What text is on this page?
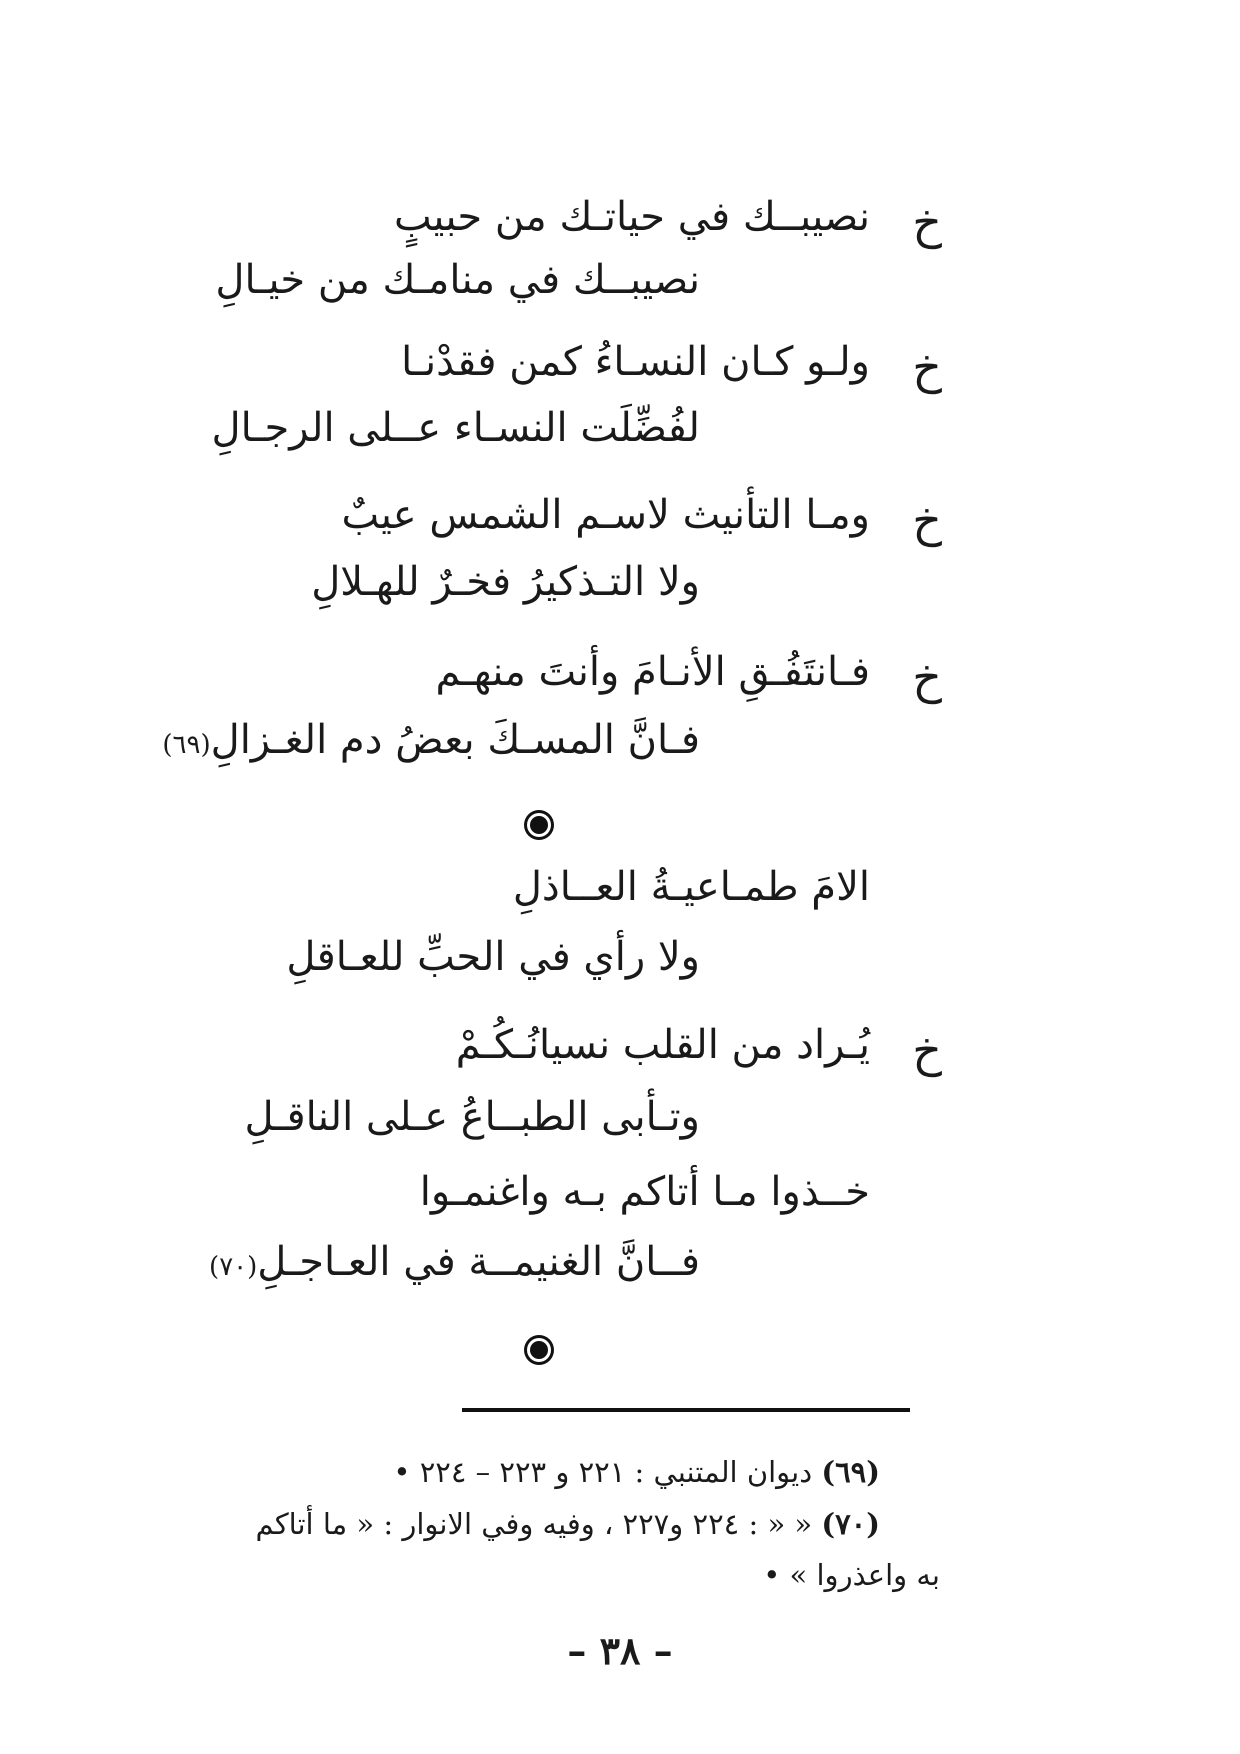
خ
نصيبــك في حياتـك من حبيبٍ
نصيبــك في منامـك من خيـالِ
خ
ولـو كـان النسـاءُ كمن فقدْنـا
لفُضِّلَت النسـاء عــلى الرجـالِ
خ
ومـا التأنيث لاسـم الشمس عيبٌ
ولا التـذكيرُ فخـرٌ للهـلالِ
خ
فـانتَفُـقِ الأنـامَ وأنتَ منهـم
فـانَّ المسـكَ بعضُ دم الغـزالِ(٦٩)
الامَ طمـاعيـةُ العــاذلِ
ولا رأي في الحبِّ للعـاقلِ
خ
يُـراد من القلب نسيانُـكُـمْ
وتـأبى الطبــاعُ عـلى الناقـلِ
خــذوا مـا أتاكم بـه واغنمـوا
فــانَّ الغنيمــة في العـاجـلِ(٧٠)
(٦٩) ديوان المتنبي : ٢٢١ و ٢٢٣ – ٢٢٤ •
(٧٠) « « : ٢٢٤ و٢٢٧ ، وفيه وفي الانوار : « ما أتاكم
به واعذروا » •
– ٣٨ –
